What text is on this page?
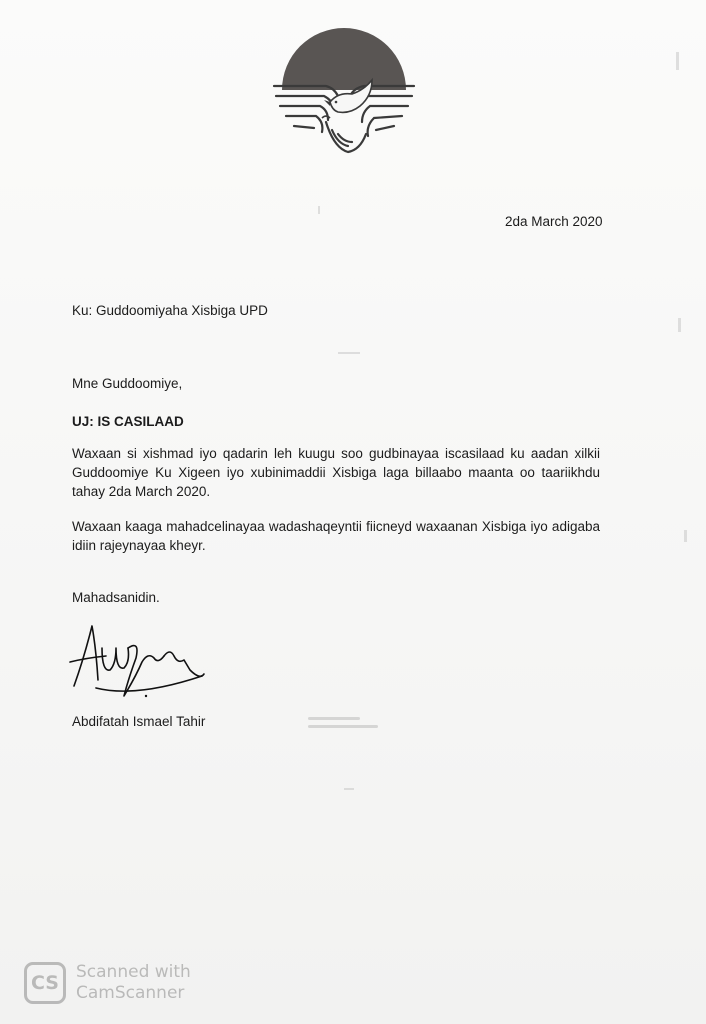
2da March 2020
Ku: Guddoomiyaha Xisbiga UPD
Mne Guddoomiye,
UJ: IS CASILAAD
Waxaan si xishmad iyo qadarin leh kuugu soo gudbinayaa iscasilaad ku aadan xilkii Guddoomiye Ku Xigeen iyo xubinimaddii Xisbiga laga billaabo maanta oo taariikhdu tahay 2da March 2020.
Waxaan kaaga mahadcelinayaa wadashaqeyntii fiicneyd waxaanan Xisbiga iyo adigaba idiin rajeynayaa kheyr.
Mahadsanidin.
Abdifatah Ismael Tahir
CS	Scanned with
CamScanner
